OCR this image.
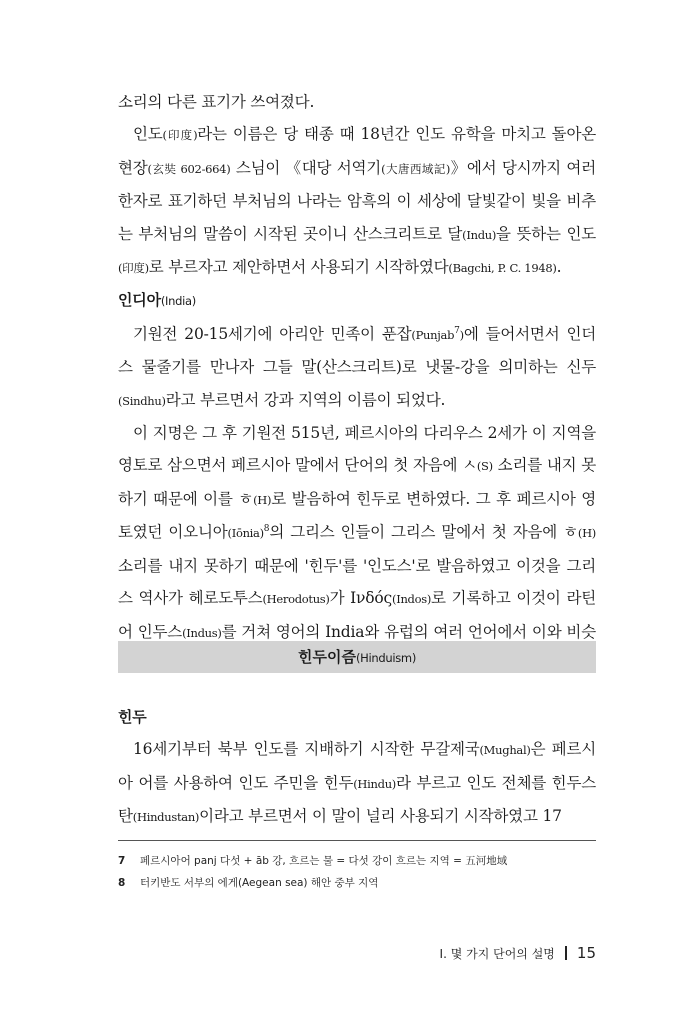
소리의 다른 표기가 쓰여졌다.

인도(印度)라는 이름은 당 태종 때 18년간 인도 유학을 마치고 돌아온 현장(玄奘 602-664) 스님이 《대당 서역기(大唐西域記)》에서 당시까지 여러 한자로 표기하던 부처님의 나라는 암흑의 이 세상에 달빛같이 빛을 비추는 부처님의 말씀이 시작된 곳이니 산스크리트로 달(Indu)을 뜻하는 인도(印度)로 부르자고 제안하면서 사용되기 시작하였다(Bagchi, P. C. 1948).

인디아(India)

기원전 20-15세기에 아리안 민족이 푼잡(Punjab$^7$)에 들어서면서 인더스 물줄기를 만나자 그들 말(산스크리트)로 냇물-강을 의미하는 신두(Sindhu)라고 부르면서 강과 지역의 이름이 되었다.

이 지명은 그 후 기원전 515년, 페르시아의 다리우스 2세가 이 지역을 영토로 삼으면서 페르시아 말에서 단어의 첫 자음에 ㅅ(S) 소리를 내지 못하기 때문에 이를 ㅎ(H)로 발음하여 힌두로 변하였다. 그 후 페르시아 영토였던 이오니아(Iōnia)$^8$의 그리스 인들이 그리스 말에서 첫 자음에 ㅎ(H) 소리를 내지 못하기 때문에 '힌두'를 '인도스'로 발음하였고 이것을 그리스 역사가 헤로도투스(Herodotus)가 Ινδός(Indos)로 기록하고 이것이 라틴어 인두스(Indus)를 거쳐 영어의 India와 유럽의 여러 언어에서 이와 비슷

힌두이즘(Hinduism)

힌두

16세기부터 북부 인도를 지배하기 시작한 무갈제국(Mughal)은 페르시아 어를 사용하여 인도 주민을 힌두(Hindu)라 부르고 인도 전체를 힌두스탄(Hindustan)이라고 부르면서 이 말이 널리 사용되기 시작하였고 17

7	페르시아어 panj 다섯 + āb 강, 흐르는 물 = 다섯 강이 흐르는 지역 = 五河地域
8	터키반도 서부의 에게(Aegean sea) 해안 중부 지역
I. 몇 가지 단어의 설명 15
